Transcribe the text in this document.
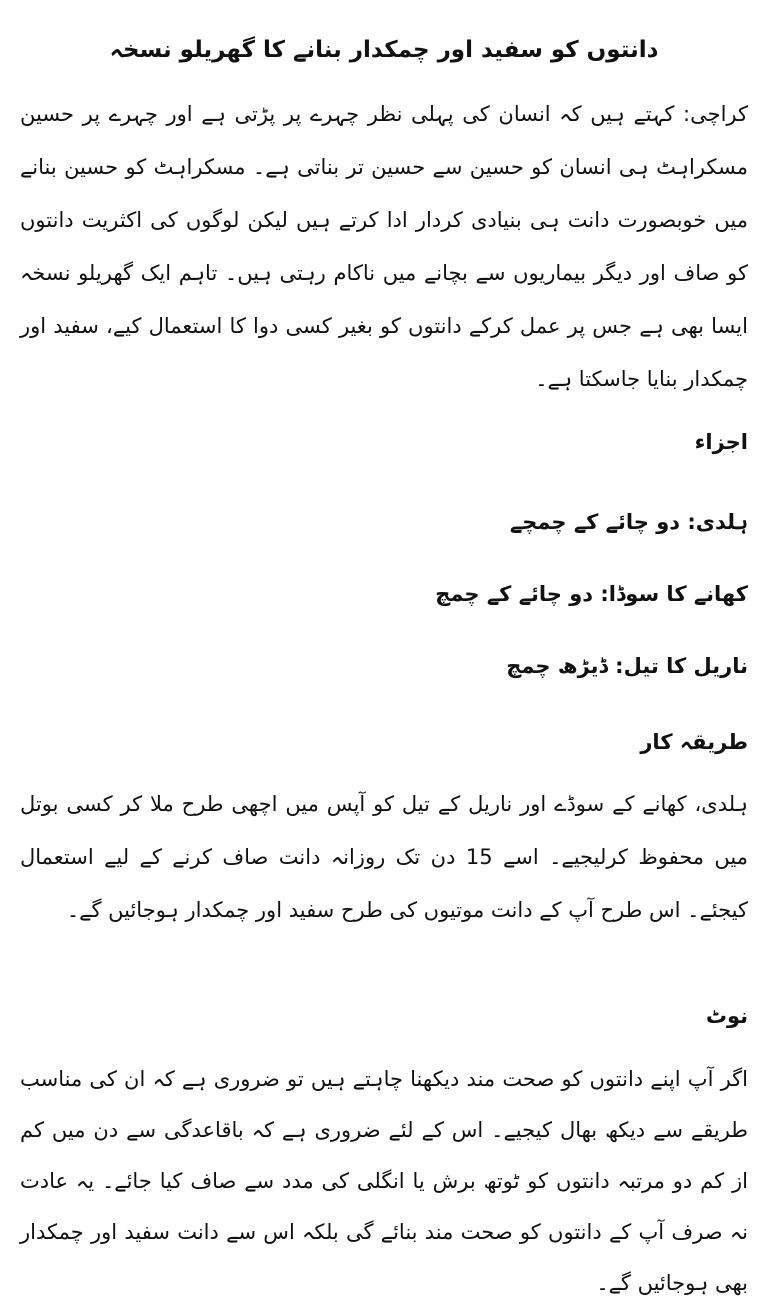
دانتوں کو سفید اور چمکدار بنانے کا گھریلو نسخہ

کراچی: کہتے ہیں کہ انسان کی پہلی نظر چہرے پر پڑتی ہے اور چہرے پر حسین مسکراہٹ ہی انسان کو حسین سے حسین تر بناتی ہے۔ مسکراہٹ کو حسین بنانے میں خوبصورت دانت ہی بنیادی کردار ادا کرتے ہیں لیکن لوگوں کی اکثریت دانتوں کو صاف اور دیگر بیماریوں سے بچانے میں ناکام رہتی ہیں۔ تاہم ایک گھریلو نسخہ ایسا بھی ہے جس پر عمل کرکے دانتوں کو بغیر کسی دوا کا استعمال کیے، سفید اور چمکدار بنایا جاسکتا ہے۔

اجزاء

ہلدی: دو چائے کے چمچے

کھانے کا سوڈا: دو چائے کے چمچ

ناریل کا تیل: ڈیڑھ چمچ

طریقہ کار

ہلدی، کھانے کے سوڈے اور ناریل کے تیل کو آپس میں اچھی طرح ملا کر کسی بوتل میں محفوظ کرلیجیے۔ اسے 15 دن تک روزانہ دانت صاف کرنے کے لیے استعمال کیجئے۔ اس طرح آپ کے دانت موتیوں کی طرح سفید اور چمکدار ہوجائیں گے۔

نوٹ

اگر آپ اپنے دانتوں کو صحت مند دیکھنا چاہتے ہیں تو ضروری ہے کہ ان کی مناسب طریقے سے دیکھ بھال کیجیے۔ اس کے لئے ضروری ہے کہ باقاعدگی سے دن میں کم از کم دو مرتبہ دانتوں کو ٹوتھ برش یا انگلی کی مدد سے صاف کیا جائے۔ یہ عادت نہ صرف آپ کے دانتوں کو صحت مند بنائے گی بلکہ اس سے دانت سفید اور چمکدار بھی ہوجائیں گے۔
